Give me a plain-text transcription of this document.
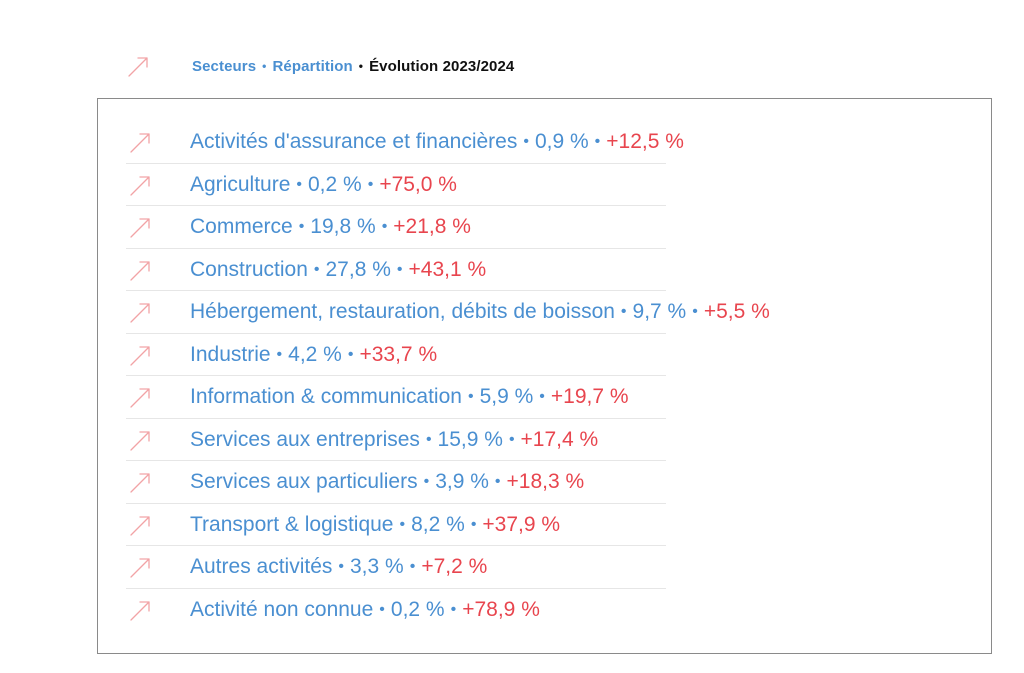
Secteurs • Répartition • Évolution 2023/2024
Activités d'assurance et financières • 0,9 % • +12,5 %
Agriculture • 0,2 % • +75,0 %
Commerce • 19,8 % • +21,8 %
Construction • 27,8 % • +43,1 %
Hébergement, restauration, débits de boisson • 9,7 % • +5,5 %
Industrie • 4,2 % • +33,7 %
Information & communication • 5,9 % • +19,7 %
Services aux entreprises • 15,9 % • +17,4 %
Services aux particuliers • 3,9 % • +18,3 %
Transport & logistique • 8,2 % • +37,9 %
Autres activités • 3,3 % • +7,2 %
Activité non connue • 0,2 % • +78,9 %
